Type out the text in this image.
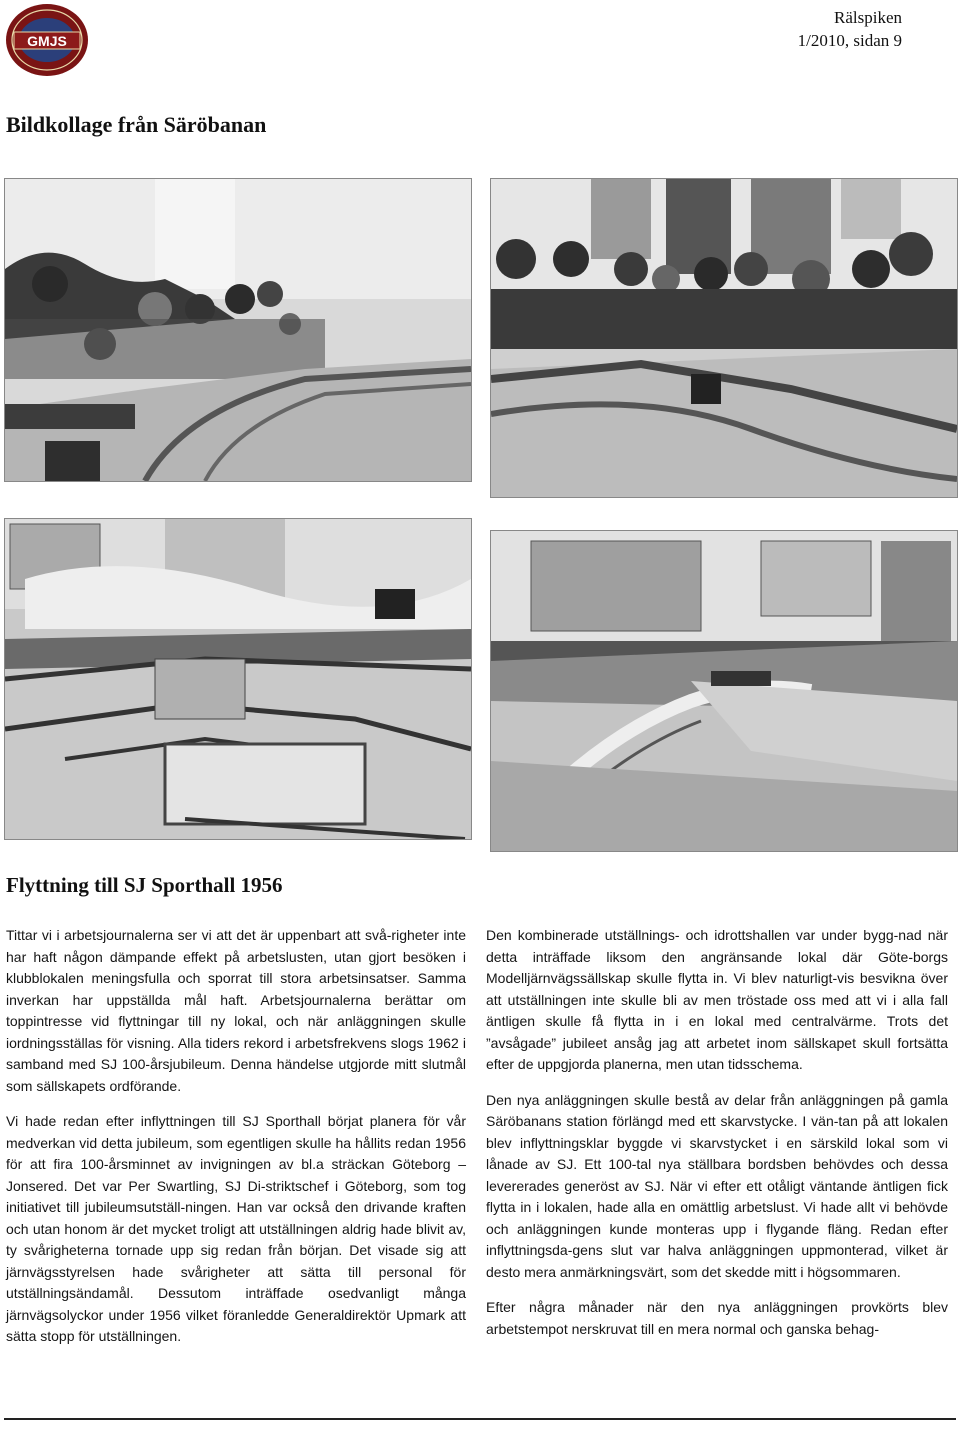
GMJS
Rälspiken
1/2010, sidan 9
Bildkollage från Säröbanan
Flyttning till SJ Sporthall 1956

Tittar vi i arbetsjournalerna ser vi att det är uppenbart att svå-righeter inte har haft någon dämpande effekt på arbetslusten, utan gjort besöken i klubblokalen meningsfulla och sporrat till stora arbetsinsatser. Samma inverkan har uppställda mål haft. Arbetsjournalerna berättar om toppintresse vid flyttningar till ny lokal, och när anläggningen skulle iordningsställas för visning. Alla tiders rekord i arbetsfrekvens slogs 1962 i samband med SJ 100-årsjubileum. Denna händelse utgjorde mitt slutmål som sällskapets ordförande.

Vi hade redan efter inflyttningen till SJ Sporthall börjat planera för vår medverkan vid detta jubileum, som egentligen skulle ha hållits redan 1956 för att fira 100-årsminnet av invigningen av bl.a sträckan Göteborg – Jonsered. Det var Per Swartling, SJ Di-striktschef i Göteborg, som tog initiativet till jubileumsutställ-ningen. Han var också den drivande kraften och utan honom är det mycket troligt att utställningen aldrig hade blivit av, ty svårigheterna tornade upp sig redan från början. Det visade sig att järnvägsstyrelsen hade svårigheter att sätta till personal för utställningsändamål. Dessutom inträffade osedvanligt många järnvägsolyckor under 1956 vilket föranledde Generaldirektör Upmark att sätta stopp för utställningen.

Den kombinerade utställnings- och idrottshallen var under bygg-nad när detta inträffade liksom den angränsande lokal där Göte-borgs Modelljärnvägssällskap skulle flytta in. Vi blev naturligt-vis besvikna över att utställningen inte skulle bli av men tröstade oss med att vi i alla fall äntligen skulle få flytta in i en lokal med centralvärme. Trots det ”avsågade” jubileet ansåg jag att arbetet inom sällskapet skull fortsätta efter de uppgjorda planerna, men utan tidsschema.

Den nya anläggningen skulle bestå av delar från anläggningen på gamla Säröbanans station förlängd med ett skarvstycke. I vän-tan på att lokalen blev inflyttningsklar byggde vi skarvstycket i en särskild lokal som vi lånade av SJ. Ett 100-tal nya ställbara bordsben behövdes och dessa levererades generöst av SJ. När vi efter ett otåligt väntande äntligen fick flytta in i lokalen, hade alla en omättlig arbetslust. Vi hade allt vi behövde och anläggningen kunde monteras upp i flygande fläng. Redan efter inflyttningsda-gens slut var halva anläggningen uppmonterad, vilket är desto mera anmärkningsvärt, som det skedde mitt i högsommaren.

Efter några månader när den nya anläggningen provkörts blev arbetstempot nerskruvat till en mera normal och ganska behag-
